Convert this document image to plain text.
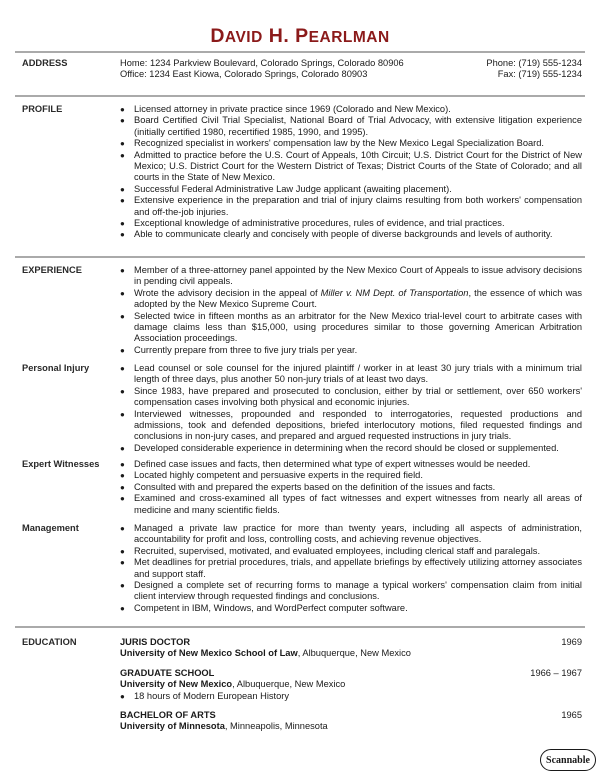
DAVID H. PEARLMAN
ADDRESS	Home: 1234 Parkview Boulevard, Colorado Springs, Colorado 80906
Office: 1234 East Kiowa, Colorado Springs, Colorado 80903
Phone: (719) 555-1234
Fax: (719) 555-1234
PROFILE	● Licensed attorney in private practice since 1969 (Colorado and New Mexico).
● Board Certified Civil Trial Specialist, National Board of Trial Advocacy, with extensive litigation experience (initially certified 1980, recertified 1985, 1990, and 1995).
● Recognized specialist in workers' compensation law by the New Mexico Legal Specialization Board.
● Admitted to practice before the U.S. Court of Appeals, 10th Circuit; U.S. District Court for the District of New Mexico; U.S. District Court for the Western District of Texas; District Courts of the State of Colorado; and all courts in the State of New Mexico.
● Successful Federal Administrative Law Judge applicant (awaiting placement).
● Extensive experience in the preparation and trial of injury claims resulting from both workers' compensation and off-the-job injuries.
● Exceptional knowledge of administrative procedures, rules of evidence, and trial practices.
● Able to communicate clearly and concisely with people of diverse backgrounds and levels of authority.
EXPERIENCE	● Member of a three-attorney panel appointed by the New Mexico Court of Appeals to issue advisory decisions in pending civil appeals.
● Wrote the advisory decision in the appeal of Miller v. NM Dept. of Transportation, the essence of which was adopted by the New Mexico Supreme Court.
● Selected twice in fifteen months as an arbitrator for the New Mexico trial-level court to arbitrate cases with damage claims less than $15,000, using procedures similar to those governing American Arbitration Association proceedings.
● Currently prepare from three to five jury trials per year.
Personal Injury	● Lead counsel or sole counsel for the injured plaintiff / worker in at least 30 jury trials with a minimum trial length of three days, plus another 50 non-jury trials of at least two days.
● Since 1983, have prepared and prosecuted to conclusion, either by trial or settlement, over 650 workers' compensation cases involving both physical and economic injuries.
● Interviewed witnesses, propounded and responded to interrogatories, requested productions and admissions, took and defended depositions, briefed interlocutory motions, filed requested findings and conclusions in non-jury cases, and prepared and argued requested instructions in jury trials.
● Developed considerable experience in determining when the record should be closed or supplemented.
Expert Witnesses	● Defined case issues and facts, then determined what type of expert witnesses would be needed.
● Located highly competent and persuasive experts in the required field.
● Consulted with and prepared the experts based on the definition of the issues and facts.
● Examined and cross-examined all types of fact witnesses and expert witnesses from nearly all areas of medicine and many scientific fields.
Management	● Managed a private law practice for more than twenty years, including all aspects of administration, accountability for profit and loss, controlling costs, and achieving revenue objectives.
● Recruited, supervised, motivated, and evaluated employees, including clerical staff and paralegals.
● Met deadlines for pretrial procedures, trials, and appellate briefings by effectively utilizing attorney associates and support staff.
● Designed a complete set of recurring forms to manage a typical workers' compensation claim from initial client interview through requested findings and conclusions.
● Competent in IBM, Windows, and WordPerfect computer software.
EDUCATION	JURIS DOCTOR	1969
University of New Mexico School of Law, Albuquerque, New Mexico
GRADUATE SCHOOL	1966 – 1967
University of New Mexico, Albuquerque, New Mexico
● 18 hours of Modern European History
BACHELOR OF ARTS	1965
University of Minnesota, Minneapolis, Minnesota
Scannable
